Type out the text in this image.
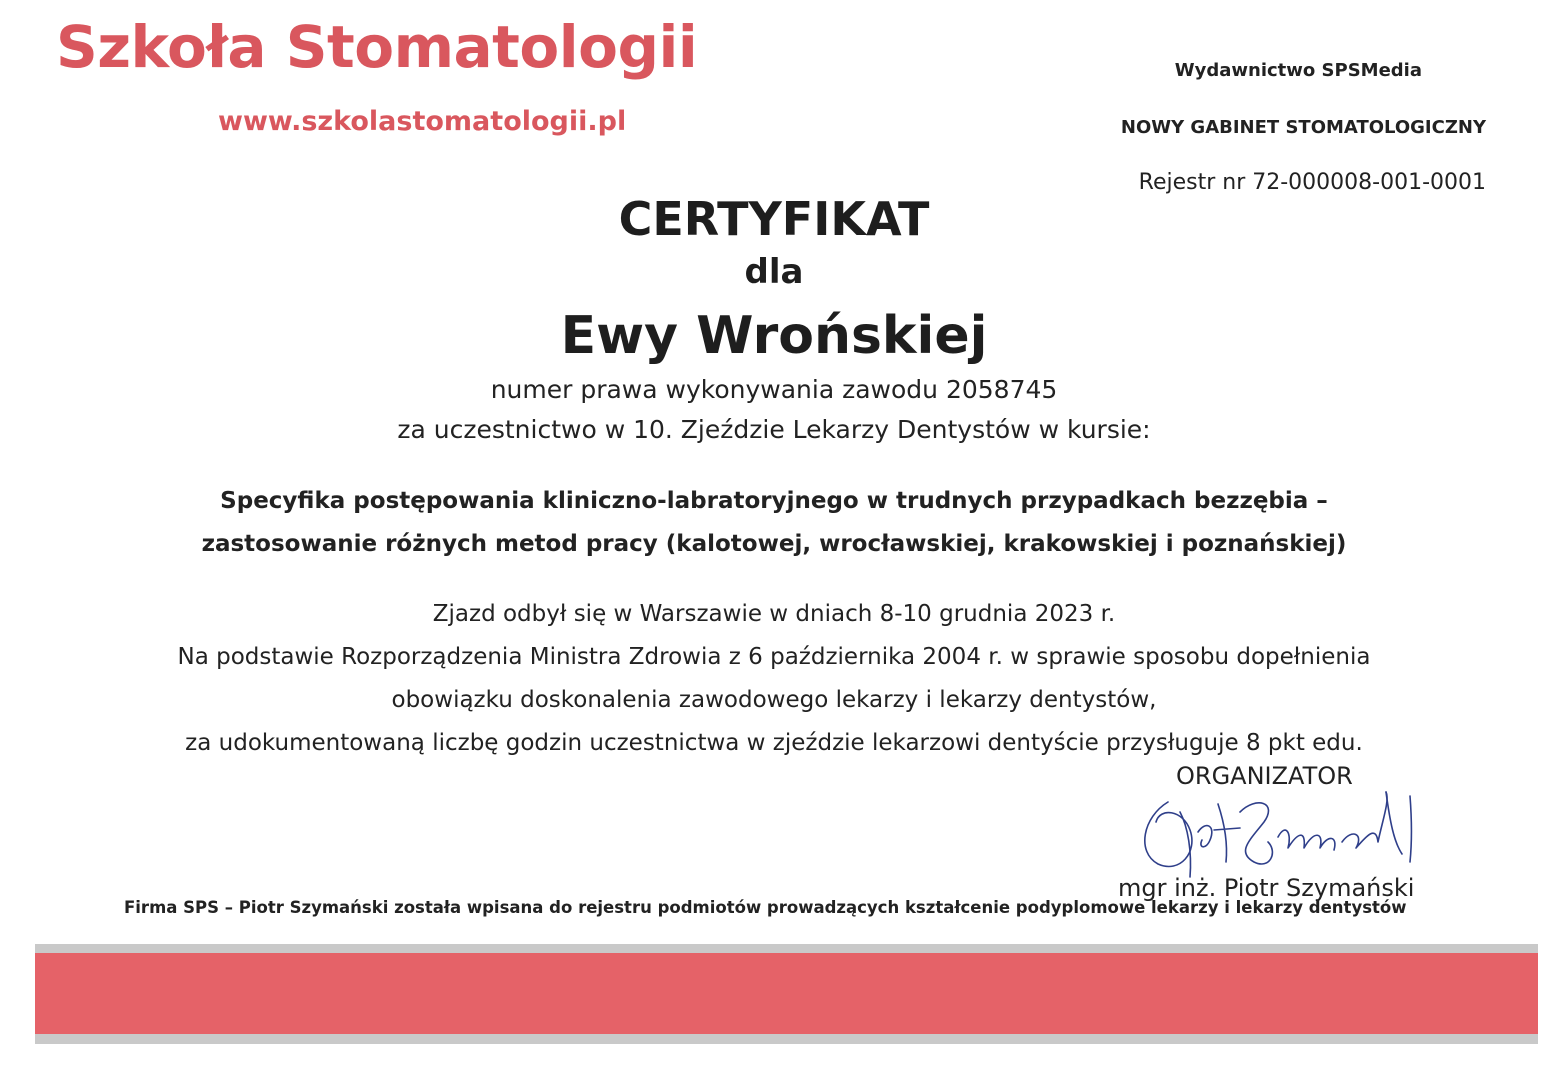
Szkoła Stomatologii
www.szkolastomatologii.pl
Wydawnictwo SPSMedia
NOWY GABINET STOMATOLOGICZNY
Rejestr nr 72-000008-001-0001
CERTYFIKAT
dla
Ewy Wrońskiej
numer prawa wykonywania zawodu 2058745
za uczestnictwo w 10. Zjeździe Lekarzy Dentystów w kursie:
Specyfika postępowania kliniczno-labratoryjnego w trudnych przypadkach bezzębia –
zastosowanie różnych metod pracy (kalotowej, wrocławskiej, krakowskiej i poznańskiej)
Zjazd odbył się w Warszawie w dniach 8-10 grudnia 2023 r.
Na podstawie Rozporządzenia Ministra Zdrowia z 6 października 2004 r. w sprawie sposobu dopełnienia
obowiązku doskonalenia zawodowego lekarzy i lekarzy dentystów,
za udokumentowaną liczbę godzin uczestnictwa w zjeździe lekarzowi dentyście przysługuje 8 pkt edu.
ORGANIZATOR
mgr inż. Piotr Szymański
Firma SPS – Piotr Szymański została wpisana do rejestru podmiotów prowadzących kształcenie podyplomowe lekarzy i lekarzy dentystów
